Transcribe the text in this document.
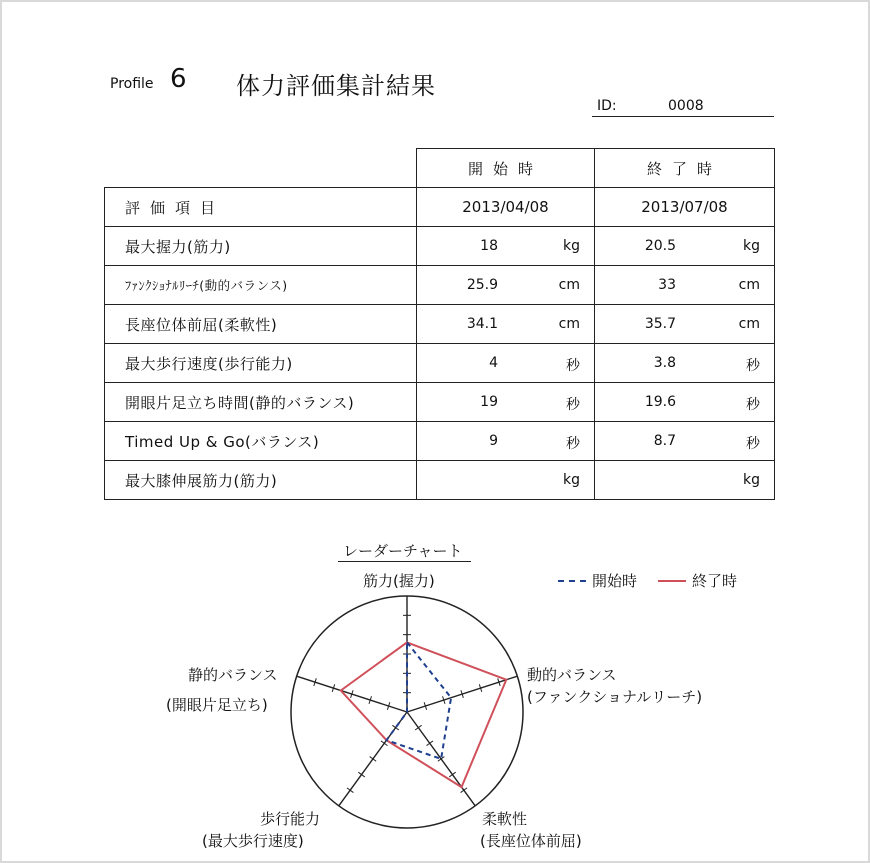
Profile 6 体力評価集計結果
ID:	0008
	開始時	終了時
評価項目	2013/04/08	2013/07/08
最大握力(筋力)	18 kg	20.5 kg

ﾌｧﾝｸｼｮﾅﾙﾘｰﾁ(動的バランス)	25.9 cm	33 cm

長座位体前屈(柔軟性)	34.1 cm	35.7 cm

最大歩行速度(歩行能力)	4 秒	3.8 秒

開眼片足立ち時間(静的バランス)	19 秒	19.6 秒

Timed Up & Go(バランス)	9 秒	8.7 秒

最大膝伸展筋力(筋力)	kg	kg
レーダーチャート
開始時	終了時
筋力(握力)
動的バランス
(ファンクショナルリーチ)
柔軟性
(長座位体前屈)
歩行能力
(最大歩行速度)
静的バランス
(開眼片足立ち)
